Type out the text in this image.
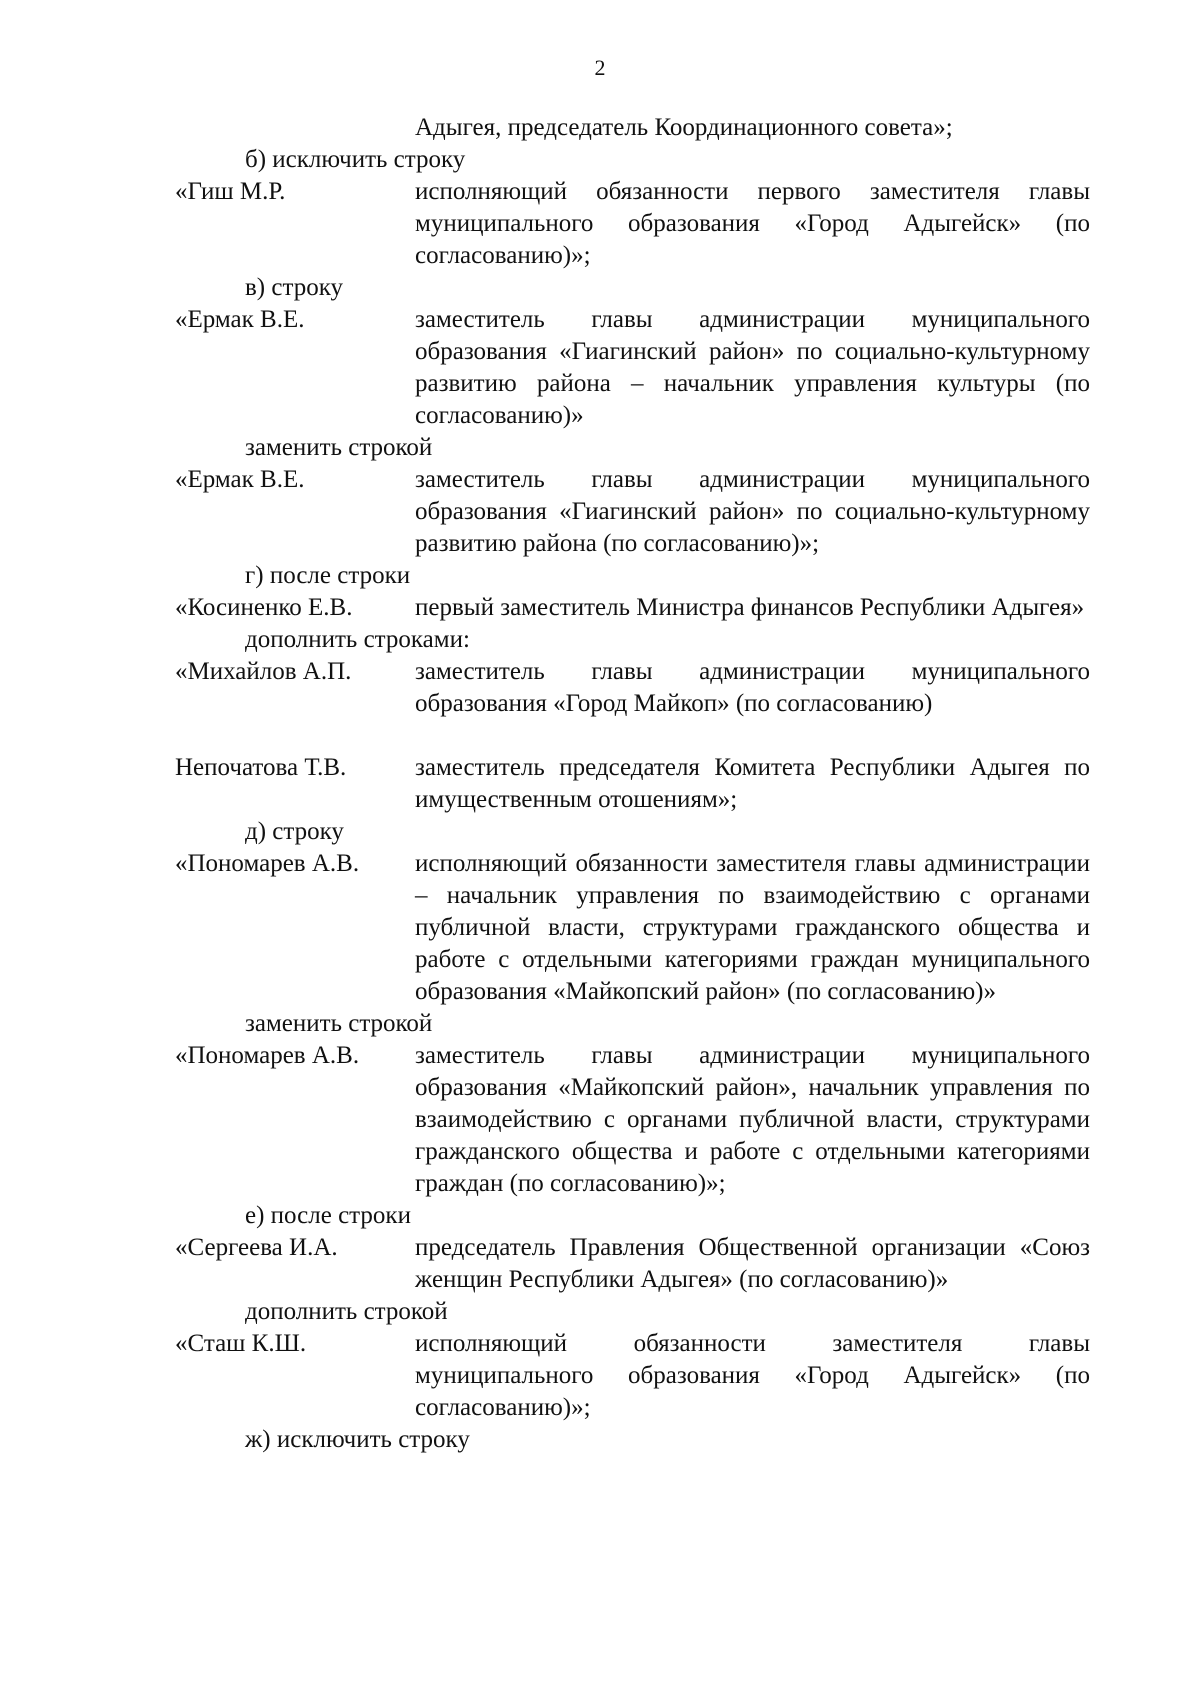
2
Адыгея, председатель Координационного совета»;
б) исключить строку
«Гиш М.Р.	исполняющий обязанности первого заместителя главы муниципального образования «Город Адыгейск» (по согласованию)»;
в) строку
«Ермак В.Е.	заместитель главы администрации муниципального образования «Гиагинский район» по социально-культурному развитию района – начальник управления культуры (по согласованию)»
заменить строкой
«Ермак В.Е.	заместитель главы администрации муниципального образования «Гиагинский район» по социально-культурному развитию района (по согласованию)»;
г) после строки
«Косиненко Е.В.	первый заместитель Министра финансов Республики Адыгея»
дополнить строками:
«Михайлов А.П.	заместитель главы администрации муниципального образования «Город Майкоп» (по согласованию)
Непочатова Т.В.	заместитель председателя Комитета Республики Адыгея по имущественным отошениям»;
д) строку
«Пономарев А.В.	исполняющий обязанности заместителя главы администрации – начальник управления по взаимодействию с органами публичной власти, структурами гражданского общества и работе с отдельными категориями граждан муниципального образования «Майкопский район» (по согласованию)»
заменить строкой
«Пономарев А.В.	заместитель главы администрации муниципального образования «Майкопский район», начальник управления по взаимодействию с органами публичной власти, структурами гражданского общества и работе с отдельными категориями граждан (по согласованию)»;
е) после строки
«Сергеева И.А.	председатель Правления Общественной организации «Союз женщин Республики Адыгея» (по согласованию)»
дополнить строкой
«Сташ К.Ш.	исполняющий обязанности заместителя главы муниципального образования «Город Адыгейск» (по согласованию)»;
ж) исключить строку
